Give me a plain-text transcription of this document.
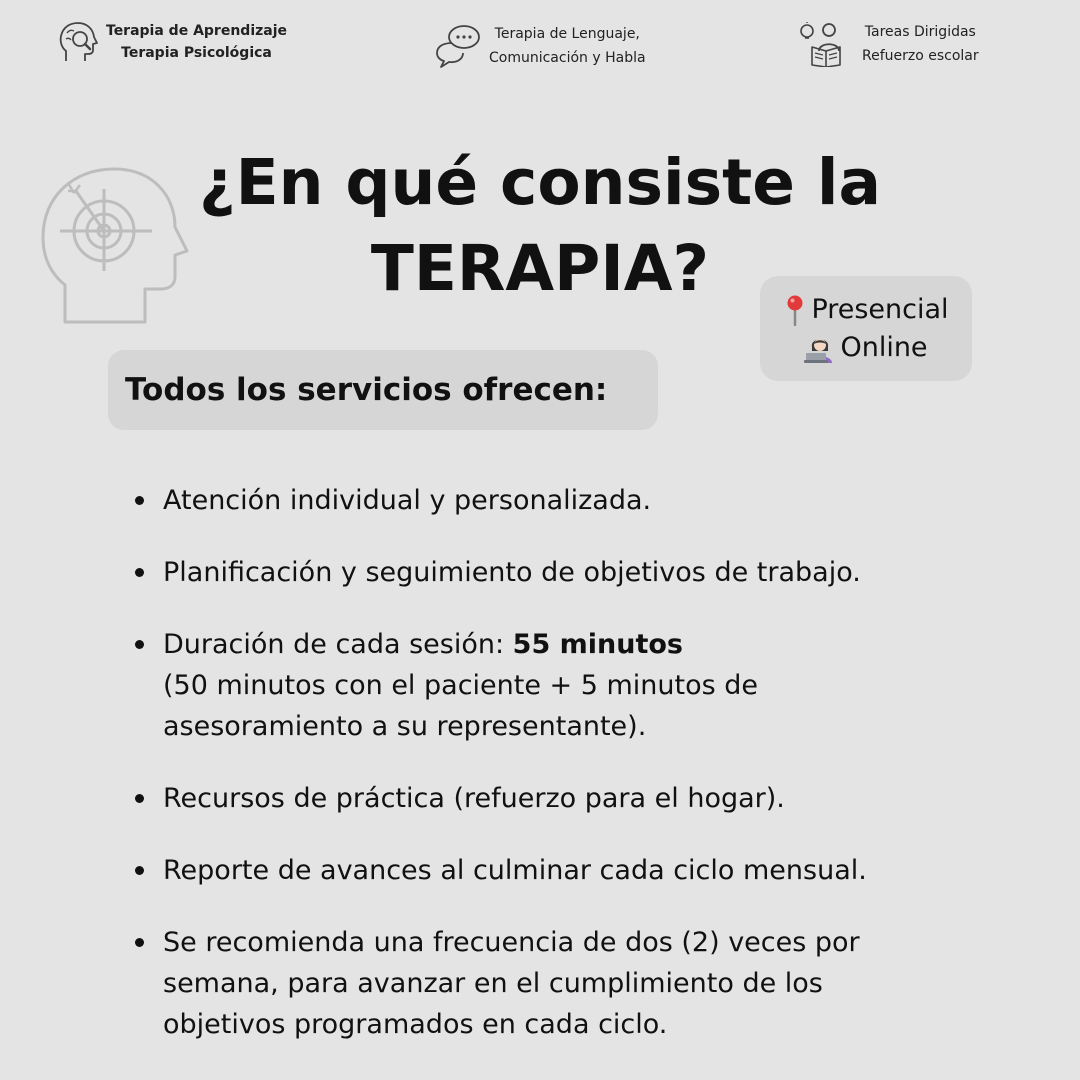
Terapia de Aprendizaje
Terapia Psicológica
Terapia de Lenguaje,
Comunicación y Habla
Tareas Dirigidas
Refuerzo escolar
¿En qué consiste la
TERAPIA?
Presencial
Online
Todos los servicios ofrecen:
Atención individual y personalizada.
Planificación y seguimiento de objetivos de trabajo.
Duración de cada sesión: 55 minutos
(50 minutos con el paciente + 5 minutos de
asesoramiento a su representante).
Recursos de práctica (refuerzo para el hogar).
Reporte de avances al culminar cada ciclo mensual.
Se recomienda una frecuencia de dos (2) veces por
semana, para avanzar en el cumplimiento de los
objetivos programados en cada ciclo.
